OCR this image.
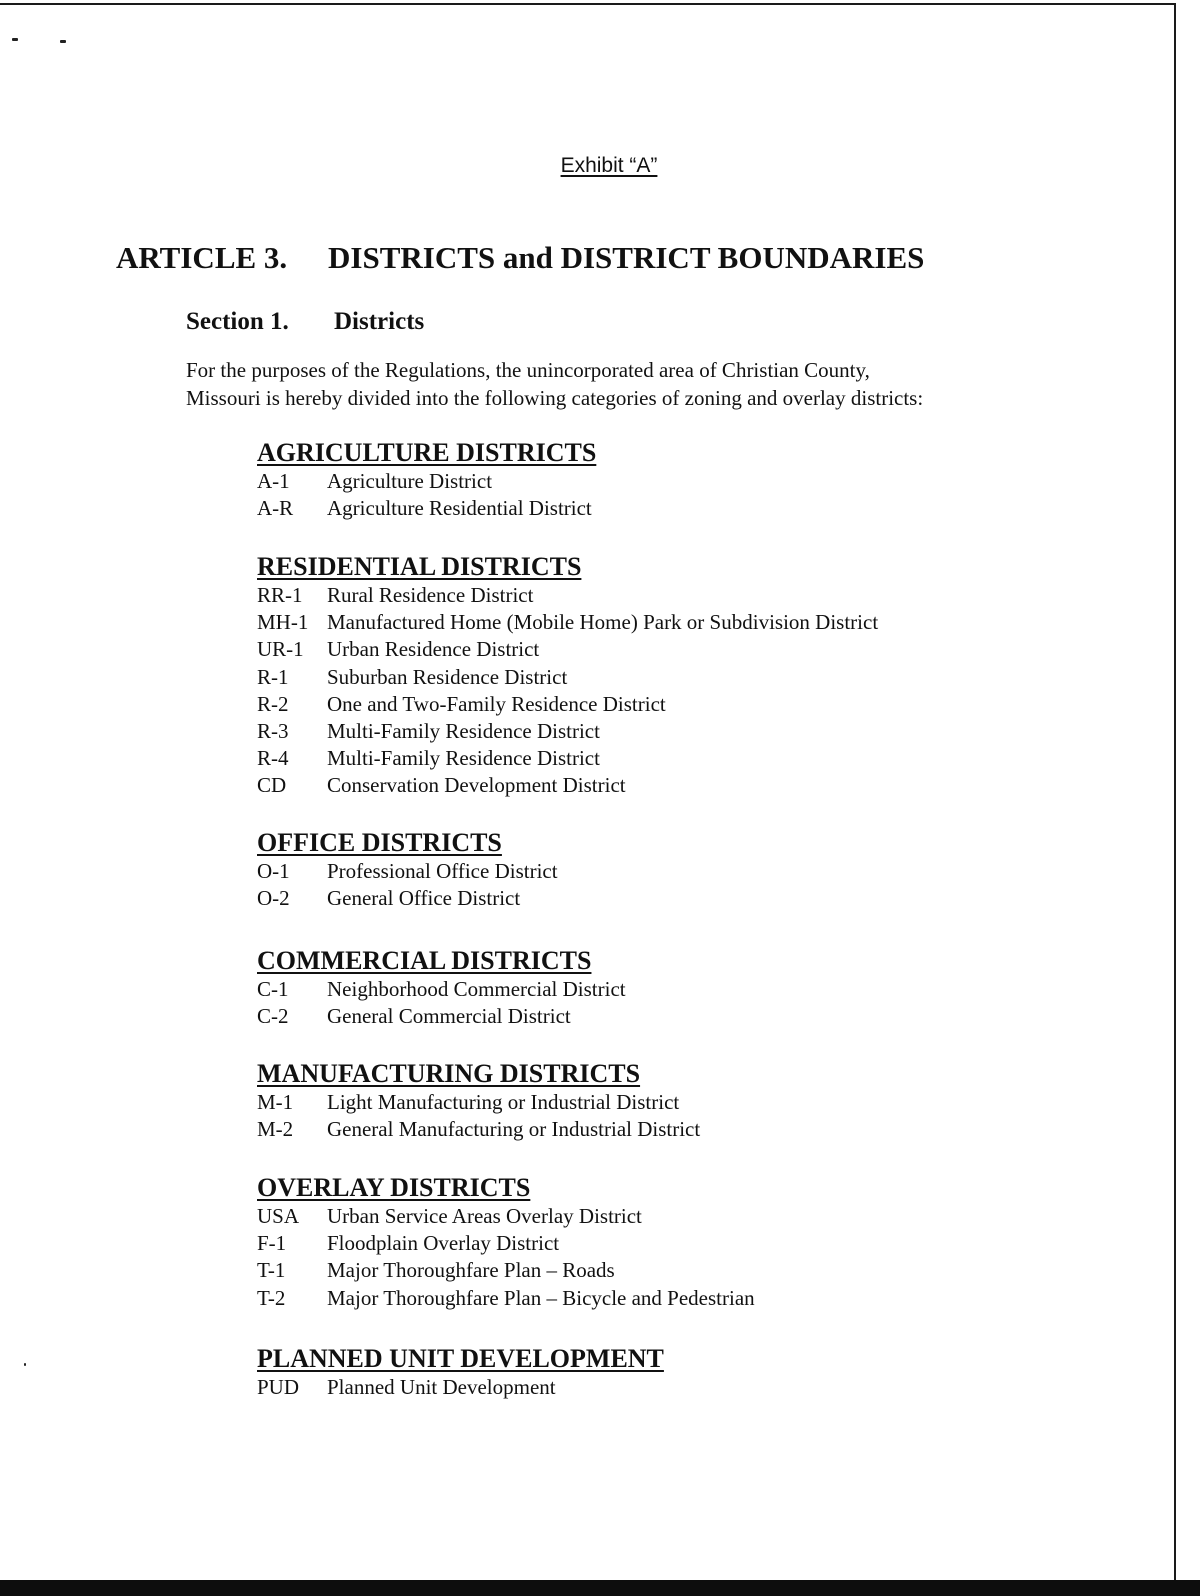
Exhibit “A”
ARTICLE 3. DISTRICTS and DISTRICT BOUNDARIES
Section 1. Districts
For the purposes of the Regulations, the unincorporated area of Christian County,
Missouri is hereby divided into the following categories of zoning and overlay districts:
AGRICULTURE DISTRICTS
A-1 Agriculture District
A-R Agriculture Residential District
RESIDENTIAL DISTRICTS
RR-1 Rural Residence District
MH-1 Manufactured Home (Mobile Home) Park or Subdivision District
UR-1 Urban Residence District
R-1 Suburban Residence District
R-2 One and Two-Family Residence District
R-3 Multi-Family Residence District
R-4 Multi-Family Residence District
CD Conservation Development District
OFFICE DISTRICTS
O-1 Professional Office District
O-2 General Office District
COMMERCIAL DISTRICTS
C-1 Neighborhood Commercial District
C-2 General Commercial District
MANUFACTURING DISTRICTS
M-1 Light Manufacturing or Industrial District
M-2 General Manufacturing or Industrial District
OVERLAY DISTRICTS
USA Urban Service Areas Overlay District
F-1 Floodplain Overlay District
T-1 Major Thoroughfare Plan – Roads
T-2 Major Thoroughfare Plan – Bicycle and Pedestrian
PLANNED UNIT DEVELOPMENT
PUD Planned Unit Development
